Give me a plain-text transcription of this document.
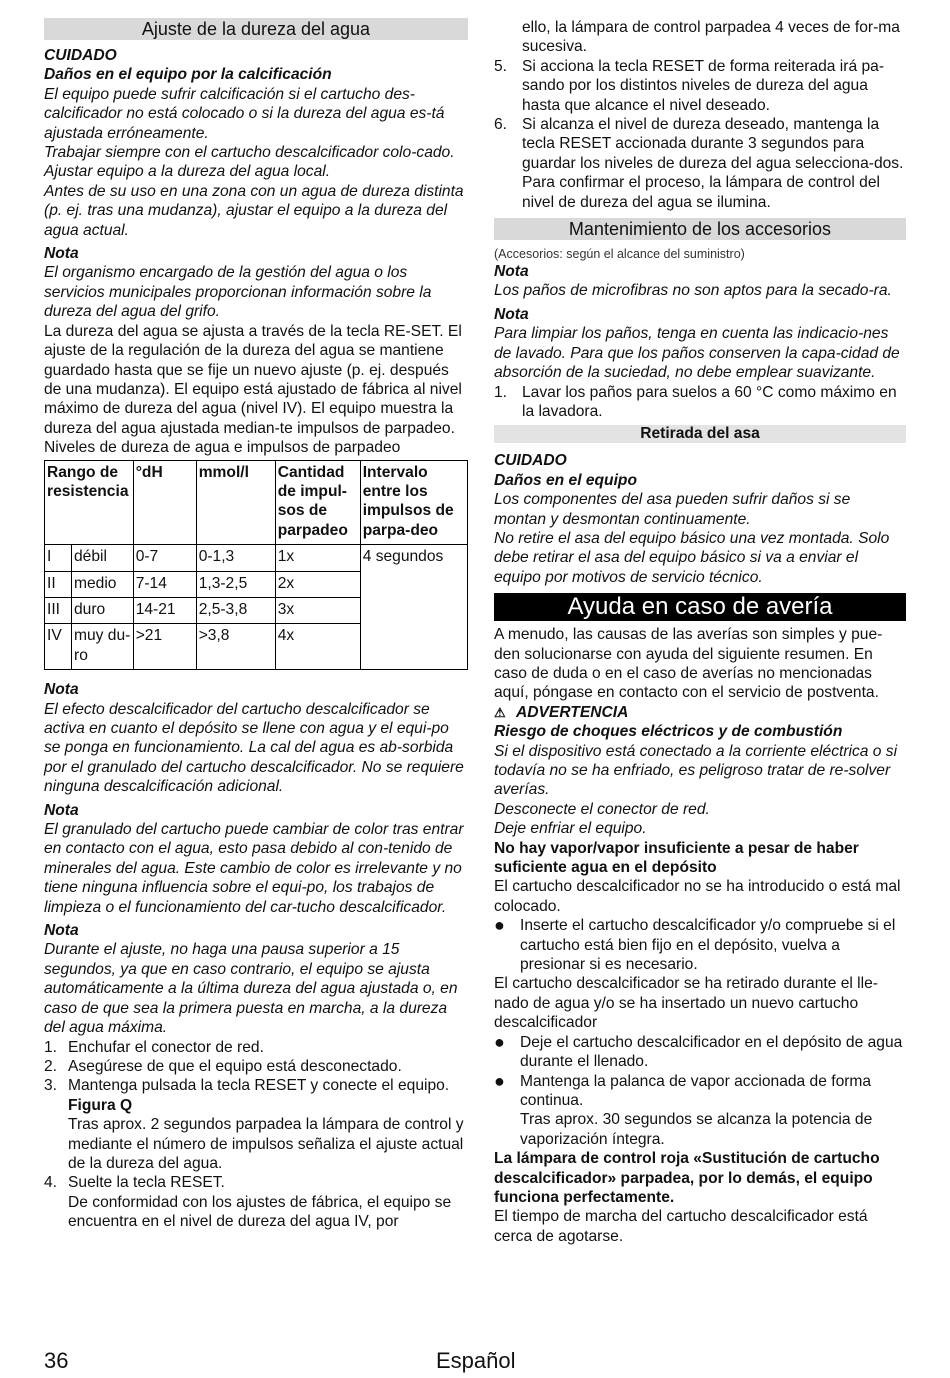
Ajuste de la dureza del agua

CUIDADO

Daños en el equipo por la calcificación

El equipo puede sufrir calcificación si el cartucho des-calcificador no está colocado o si la dureza del agua es-tá ajustada erróneamente.

Trabajar siempre con el cartucho descalcificador colo-cado.

Ajustar equipo a la dureza del agua local.

Antes de su uso en una zona con un agua de dureza distinta (p. ej. tras una mudanza), ajustar el equipo a la dureza del agua actual.

Nota

El organismo encargado de la gestión del agua o los servicios municipales proporcionan información sobre la dureza del agua del grifo.

La dureza del agua se ajusta a través de la tecla RE-SET. El ajuste de la regulación de la dureza del agua se mantiene guardado hasta que se fije un nuevo ajuste (p. ej. después de una mudanza). El equipo está ajustado de fábrica al nivel máximo de dureza del agua (nivel IV). El equipo muestra la dureza del agua ajustada median-te impulsos de parpadeo.

Niveles de dureza de agua e impulsos de parpadeo

Rango de resistencia		°dH	mmol/l	Cantidad de impul-sos de parpadeo	Intervalo entre los impulsos de parpa-deo
I	débil	0-7	0-1,3	1x	4 segundos
II	medio	7-14	1,3-2,5	2x	
III	duro	14-21	2,5-3,8	3x	
IV	muy du-ro	>21	>3,8	4x	

Nota

El efecto descalcificador del cartucho descalcificador se activa en cuanto el depósito se llene con agua y el equi-po se ponga en funcionamiento. La cal del agua es ab-sorbida por el granulado del cartucho descalcificador. No se requiere ninguna descalcificación adicional.

Nota

El granulado del cartucho puede cambiar de color tras entrar en contacto con el agua, esto pasa debido al con-tenido de minerales del agua. Este cambio de color es irrelevante y no tiene ninguna influencia sobre el equi-po, los trabajos de limpieza o el funcionamiento del car-tucho descalcificador.

Nota

Durante el ajuste, no haga una pausa superior a 15 segundos, ya que en caso contrario, el equipo se ajusta automáticamente a la última dureza del agua ajustada o, en caso de que sea la primera puesta en marcha, a la dureza del agua máxima.

1. Enchufar el conector de red.
2. Asegúrese de que el equipo está desconectado.
3. Mantenga pulsada la tecla RESET y conecte el equipo.

Figura Q

Tras aprox. 2 segundos parpadea la lámpara de control y mediante el número de impulsos señaliza el ajuste actual de la dureza del agua.

4. Suelte la tecla RESET.

De conformidad con los ajustes de fábrica, el equipo se encuentra en el nivel de dureza del agua IV, por

ello, la lámpara de control parpadea 4 veces de for-ma sucesiva.

5. Si acciona la tecla RESET de forma reiterada irá pa-sando por los distintos niveles de dureza del agua hasta que alcance el nivel deseado.
6. Si alcanza el nivel de dureza deseado, mantenga la tecla RESET accionada durante 3 segundos para guardar los niveles de dureza del agua selecciona-dos.

Para confirmar el proceso, la lámpara de control del nivel de dureza del agua se ilumina.

Mantenimiento de los accesorios

(Accesorios: según el alcance del suministro)

Nota

Los paños de microfibras no son aptos para la secado-ra.

Nota

Para limpiar los paños, tenga en cuenta las indicacio-nes de lavado. Para que los paños conserven la capa-cidad de absorción de la suciedad, no debe emplear suavizante.

1. Lavar los paños para suelos a 60 °C como máximo en la lavadora.
Retirada del asa

CUIDADO

Daños en el equipo

Los componentes del asa pueden sufrir daños si se montan y desmontan continuamente.

No retire el asa del equipo básico una vez montada. Solo debe retirar el asa del equipo básico si va a enviar el equipo por motivos de servicio técnico.

Ayuda en caso de avería

A menudo, las causas de las averías son simples y pue-den solucionarse con ayuda del siguiente resumen. En caso de duda o en el caso de averías no mencionadas aquí, póngase en contacto con el servicio de postventa.

⚠ ADVERTENCIA

Riesgo de choques eléctricos y de combustión

Si el dispositivo está conectado a la corriente eléctrica o si todavía no se ha enfriado, es peligroso tratar de re-solver averías.

Desconecte el conector de red.

Deje enfriar el equipo.

No hay vapor/vapor insuficiente a pesar de haber suficiente agua en el depósito

El cartucho descalcificador no se ha introducido o está mal colocado.

● Inserte el cartucho descalcificador y/o compruebe si el cartucho está bien fijo en el depósito, vuelva a presionar si es necesario.

El cartucho descalcificador se ha retirado durante el lle-nado de agua y/o se ha insertado un nuevo cartucho descalcificador

● Deje el cartucho descalcificador en el depósito de agua durante el llenado.
● Mantenga la palanca de vapor accionada de forma continua.

Tras aprox. 30 segundos se alcanza la potencia de vaporización íntegra.

La lámpara de control roja «Sustitución de cartucho descalcificador» parpadea, por lo demás, el equipo funciona perfectamente.

El tiempo de marcha del cartucho descalcificador está cerca de agotarse.

36	Español
